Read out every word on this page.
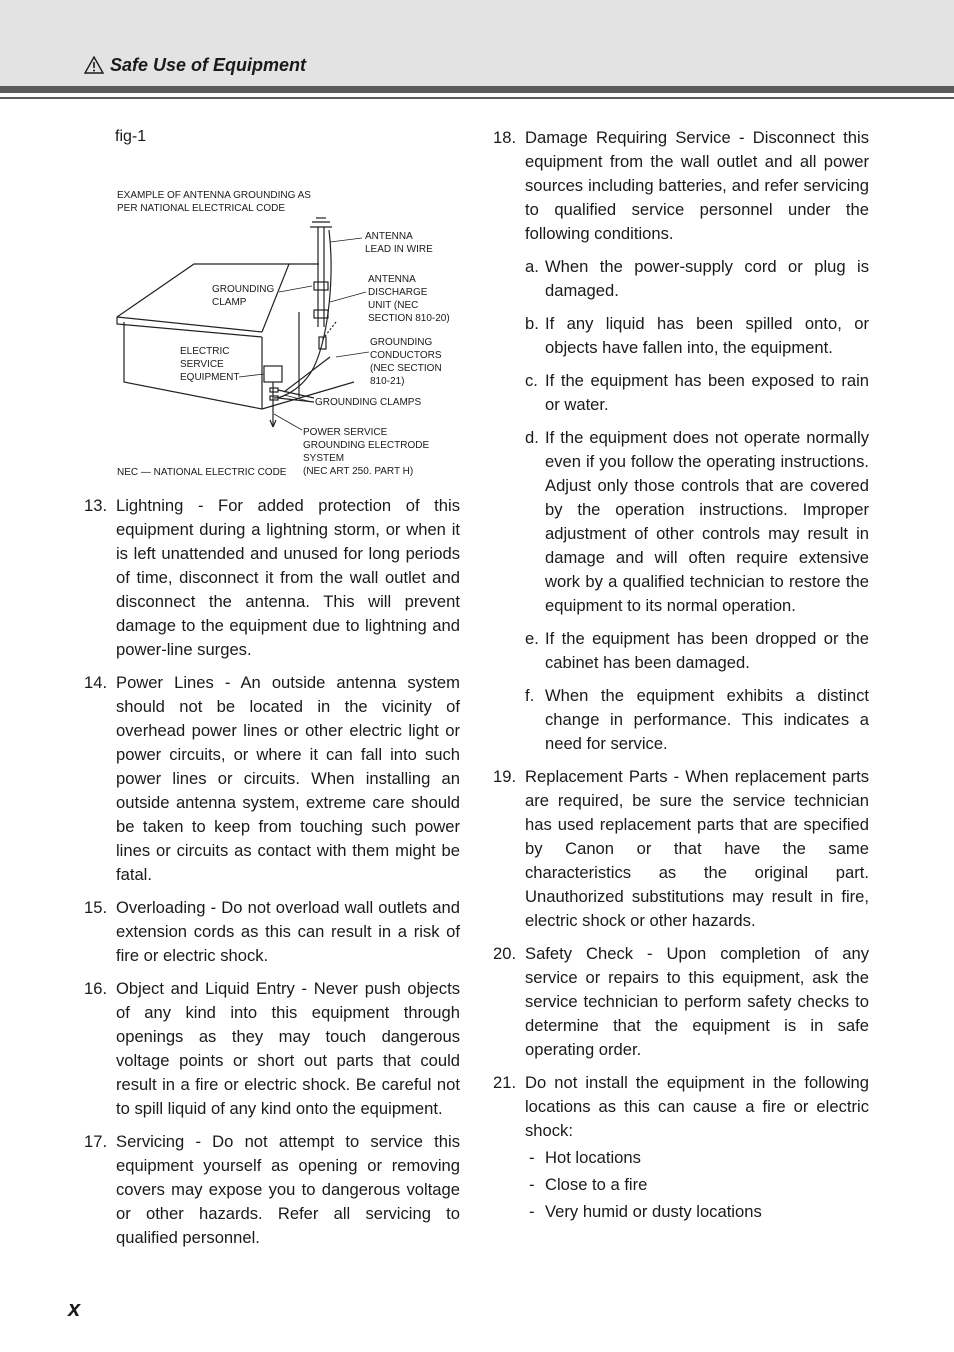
Safe Use of Equipment
fig-1
EXAMPLE OF ANTENNA GROUNDING AS
PER NATIONAL ELECTRICAL CODE
ANTENNA
LEAD IN WIRE
ANTENNA
DISCHARGE
UNIT (NEC
SECTION 810-20)
GROUNDING
CLAMP
GROUNDING
CONDUCTORS
(NEC SECTION
810-21)
ELECTRIC
SERVICE
EQUIPMENT
GROUNDING CLAMPS
POWER SERVICE
GROUNDING ELECTRODE
SYSTEM
(NEC ART 250. PART H)
NEC — NATIONAL ELECTRIC CODE
13. Lightning - For added protection of this equipment during a lightning storm, or when it is left unattended and unused for long periods of time, disconnect it from the wall outlet and disconnect the antenna. This will prevent damage to the equipment due to lightning and power-line surges.
14. Power Lines - An outside antenna system should not be located in the vicinity of overhead power lines or other electric light or power circuits, or where it can fall into such power lines or circuits. When installing an outside antenna system, extreme care should be taken to keep from touching such power lines or circuits as contact with them might be fatal.
15. Overloading - Do not overload wall outlets and extension cords as this can result in a risk of fire or electric shock.
16. Object and Liquid Entry - Never push objects of any kind into this equipment through openings as they may touch dangerous voltage points or short out parts that could result in a fire or electric shock. Be careful not to spill liquid of any kind onto the equipment.
17. Servicing - Do not attempt to service this equipment yourself as opening or removing covers may expose you to dangerous voltage or other hazards. Refer all servicing to qualified personnel.
18. Damage Requiring Service - Disconnect this equipment from the wall outlet and all power sources including batteries, and refer servicing to qualified service personnel under the following conditions.
a. When the power-supply cord or plug is damaged.
b. If any liquid has been spilled onto, or objects have fallen into, the equipment.
c. If the equipment has been exposed to rain or water.
d. If the equipment does not operate normally even if you follow the operating instructions. Adjust only those controls that are covered by the operation instructions. Improper adjustment of other controls may result in damage and will often require extensive work by a qualified technician to restore the equipment to its normal operation.
e. If the equipment has been dropped or the cabinet has been damaged.
f. When the equipment exhibits a distinct change in performance. This indicates a need for service.
19. Replacement Parts - When replacement parts are required, be sure the service technician has used replacement parts that are specified by Canon or that have the same characteristics as the original part. Unauthorized substitutions may result in fire, electric shock or other hazards.
20. Safety Check - Upon completion of any service or repairs to this equipment, ask the service technician to perform safety checks to determine that the equipment is in safe operating order.
21. Do not install the equipment in the following locations as this can cause a fire or electric shock:
- Hot locations
- Close to a fire
- Very humid or dusty locations
x
